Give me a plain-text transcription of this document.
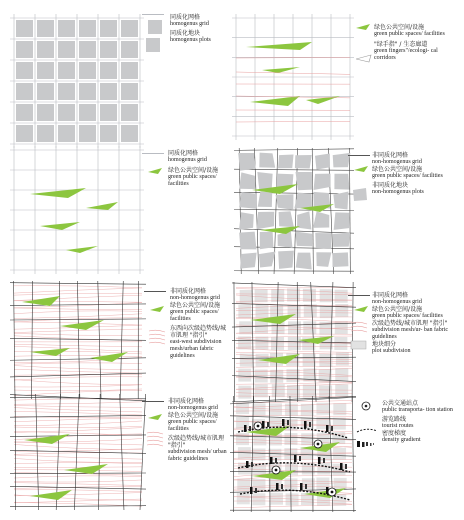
同质化网格
homogenus grid
同质化地块
homogenus plots
绿色公共空间/设施
green public spaces/ facilities
"绿手指" / 生态廊道
green fingers"/ecologi- cal corridors
同质化网格
homogenus grid
绿色公共空间/设施
green public spaces/ facilities
非同质化网格
non-homogenus grid
绿色公共空间/设施
green public spaces/ facilities
非同质化地块
non-homogenus plots
非同质化网格
non-homogenus grid
绿色公共空间/设施
green public spaces/ facilities
东西向次级趋势线/城市肌理 "指引"
east-west subdivision mesh/urban fabric guidelines
非同质化网格
non-homogenus grid
绿色公共空间/设施
green public spaces/ facilities
次级趋势线/城市肌理 "指引"
subdivision mesh/ur- ban fabric guidelines
地块细分
plot subdivision
非同质化网格
non-homogenus grid
绿色公共空间/设施
green public spaces/ facilities
次级趋势线/城市肌理 "指引"
subdivision mesh/ urban fabric guidelines
公共交通站点
public transporta- tion station
游览路线
tourist routes
密度梯度
density gradient
